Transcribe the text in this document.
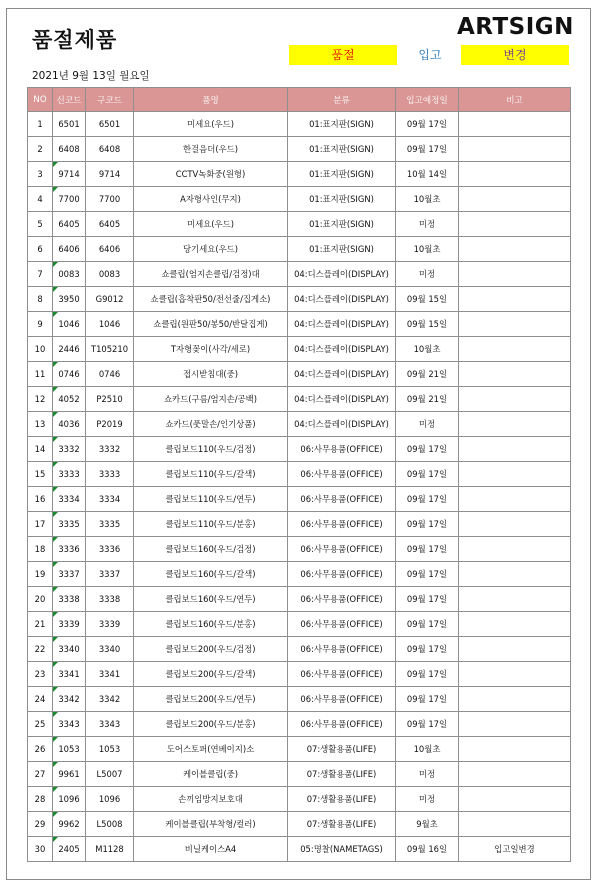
품절제품	ARTSIGN
품절	입고	변경
2021년 9월 13일 월요일
NO	신코드	구코드	품명	분류	입고예정일	비고
1	6501	6501	미세요(우드)	01:표지판(SIGN)	09월 17일	
2	6408	6408	한걸음더(우드)	01:표지판(SIGN)	09월 17일	
3	9714	9714	CCTV녹화중(원형)	01:표지판(SIGN)	10월 14일	
4	7700	7700	A자형사인(무지)	01:표지판(SIGN)	10월초	
5	6405	6405	미세요(우드)	01:표지판(SIGN)	미정	
6	6406	6406	당기세요(우드)	01:표지판(SIGN)	10월초	
7	0083	0083	쇼클립(엄지손클립/검정)대	04:디스플레이(DISPLAY)	미정	
8	3950	G9012	쇼클립(흡착판50/전선줄/집게소)	04:디스플레이(DISPLAY)	09월 15일	
9	1046	1046	쇼클립(원판50/봉50/반달집게)	04:디스플레이(DISPLAY)	09월 15일	
10	2446	T105210	T자형꽂이(사각/세로)	04:디스플레이(DISPLAY)	10월초	
11	0746	0746	접시받침대(중)	04:디스플레이(DISPLAY)	09월 21일	
12	4052	P2510	쇼카드(구름/엄지손/공백)	04:디스플레이(DISPLAY)	09월 21일	
13	4036	P2019	쇼카드(풋말손/인기상품)	04:디스플레이(DISPLAY)	미정	
14	3332	3332	클립보드110(우드/검정)	06:사무용품(OFFICE)	09월 17일	
15	3333	3333	클립보드110(우드/갈색)	06:사무용품(OFFICE)	09월 17일	
16	3334	3334	클립보드110(우드/연두)	06:사무용품(OFFICE)	09월 17일	
17	3335	3335	클립보드110(우드/분홍)	06:사무용품(OFFICE)	09월 17일	
18	3336	3336	클립보드160(우드/검정)	06:사무용품(OFFICE)	09월 17일	
19	3337	3337	클립보드160(우드/갈색)	06:사무용품(OFFICE)	09월 17일	
20	3338	3338	클립보드160(우드/연두)	06:사무용품(OFFICE)	09월 17일	
21	3339	3339	클립보드160(우드/분홍)	06:사무용품(OFFICE)	09월 17일	
22	3340	3340	클립보드200(우드/검정)	06:사무용품(OFFICE)	09월 17일	
23	3341	3341	클립보드200(우드/갈색)	06:사무용품(OFFICE)	09월 17일	
24	3342	3342	클립보드200(우드/연두)	06:사무용품(OFFICE)	09월 17일	
25	3343	3343	클립보드200(우드/분홍)	06:사무용품(OFFICE)	09월 17일	
26	1053	1053	도어스토퍼(연베이지)소	07:생활용품(LIFE)	10월초	
27	9961	L5007	케이블클립(중)	07:생활용품(LIFE)	미정	
28	1096	1096	손끼임방지보호대	07:생활용품(LIFE)	미정	
29	9962	L5008	케이블클립(부착형/컬러)	07:생활용품(LIFE)	9월초	
30	2405	M1128	비닐케이스A4	05:명찰(NAMETAGS)	09월 16일	입고일변경
